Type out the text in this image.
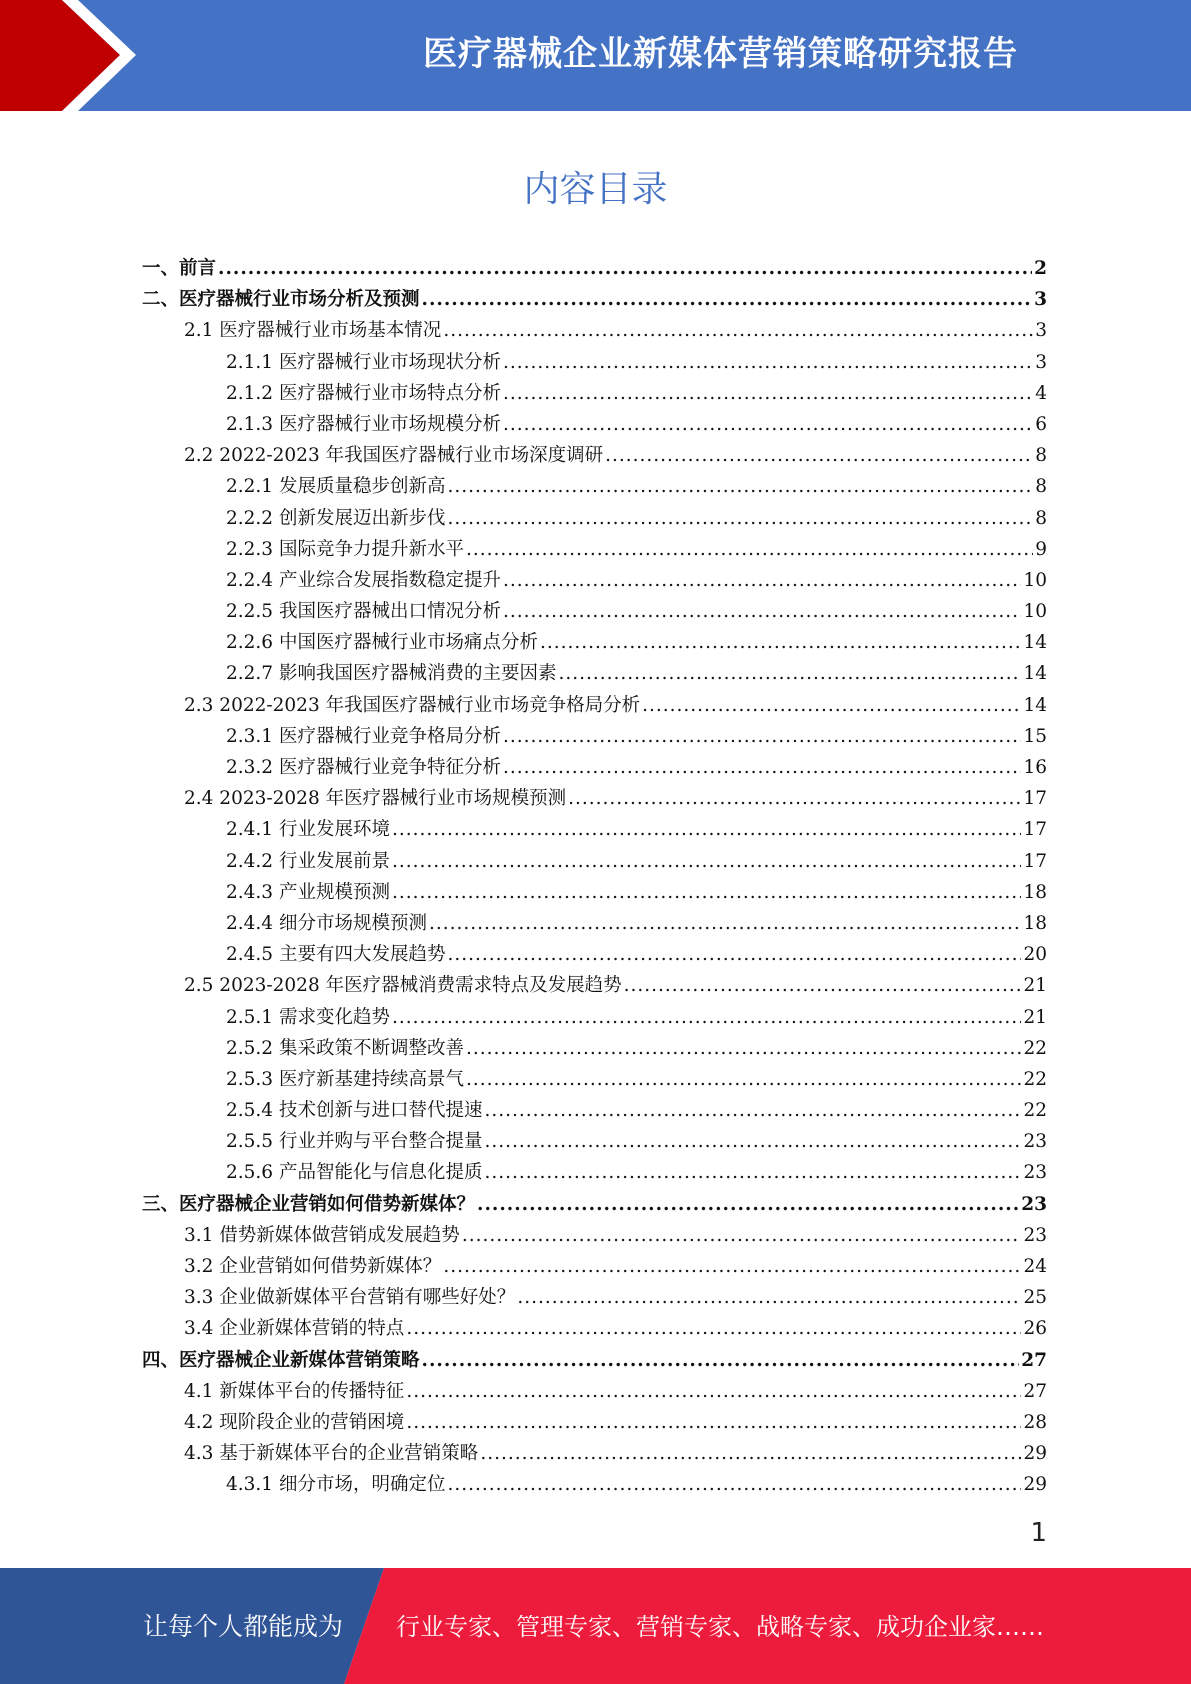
医疗器械企业新媒体营销策略研究报告
内容目录
一、前言 .....	2
二、医疗器械行业市场分析及预测 .....	3
2.1 医疗器械行业市场基本情况 .....	3
2.1.1 医疗器械行业市场现状分析 .....	3
2.1.2 医疗器械行业市场特点分析 .....	4
2.1.3 医疗器械行业市场规模分析 .....	6
2.2 2022-2023 年我国医疗器械行业市场深度调研 .....	8
2.2.1 发展质量稳步创新高 .....	8
2.2.2 创新发展迈出新步伐 .....	8
2.2.3 国际竞争力提升新水平 .....	9
2.2.4 产业综合发展指数稳定提升 .....	10
2.2.5 我国医疗器械出口情况分析 .....	10
2.2.6 中国医疗器械行业市场痛点分析 .....	14
2.2.7 影响我国医疗器械消费的主要因素 .....	14
2.3 2022-2023 年我国医疗器械行业市场竞争格局分析 .....	14
2.3.1 医疗器械行业竞争格局分析 .....	15
2.3.2 医疗器械行业竞争特征分析 .....	16
2.4 2023-2028 年医疗器械行业市场规模预测 .....	17
2.4.1 行业发展环境 .....	17
2.4.2 行业发展前景 .....	17
2.4.3 产业规模预测 .....	18
2.4.4 细分市场规模预测 .....	18
2.4.5 主要有四大发展趋势 .....	20
2.5 2023-2028 年医疗器械消费需求特点及发展趋势 .....	21
2.5.1 需求变化趋势 .....	21
2.5.2 集采政策不断调整改善 .....	22
2.5.3 医疗新基建持续高景气 .....	22
2.5.4 技术创新与进口替代提速 .....	22
2.5.5 行业并购与平台整合提量 .....	23
2.5.6 产品智能化与信息化提质 .....	23
三、医疗器械企业营销如何借势新媒体？ .....	23
3.1 借势新媒体做营销成发展趋势 .....	23
3.2 企业营销如何借势新媒体？ .....	24
3.3 企业做新媒体平台营销有哪些好处？ .....	25
3.4 企业新媒体营销的特点 .....	26
四、医疗器械企业新媒体营销策略 .....	27
4.1 新媒体平台的传播特征 .....	27
4.2 现阶段企业的营销困境 .....	28
4.3 基于新媒体平台的企业营销策略 .....	29
4.3.1 细分市场，明确定位 .....	29
1
让每个人都能成为 行业专家、管理专家、营销专家、战略专家、成功企业家……
